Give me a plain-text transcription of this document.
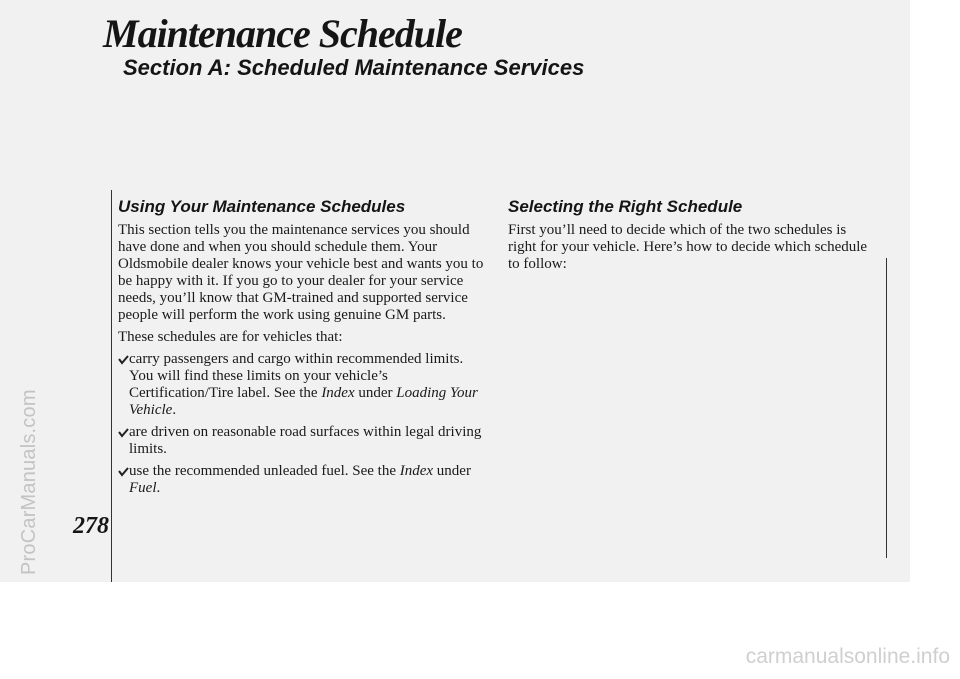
Maintenance Schedule
Section A: Scheduled Maintenance Services
278
Using Your Maintenance Schedules

This section tells you the maintenance services you should have done and when you should schedule them. Your Oldsmobile dealer knows your vehicle best and wants you to be happy with it. If you go to your dealer for your service needs, you’ll know that GM-trained and supported service people will perform the work using genuine GM parts.

These schedules are for vehicles that:

carry passengers and cargo within recommended limits. You will find these limits on your vehicle’s Certification/Tire label. See the Index under Loading Your Vehicle.
are driven on reasonable road surfaces within legal driving limits.
use the recommended unleaded fuel. See the Index under Fuel.
Selecting the Right Schedule

First you’ll need to decide which of the two schedules is right for your vehicle. Here’s how to decide which schedule to follow:

ProCarManuals.com
carmanualsonline.info
